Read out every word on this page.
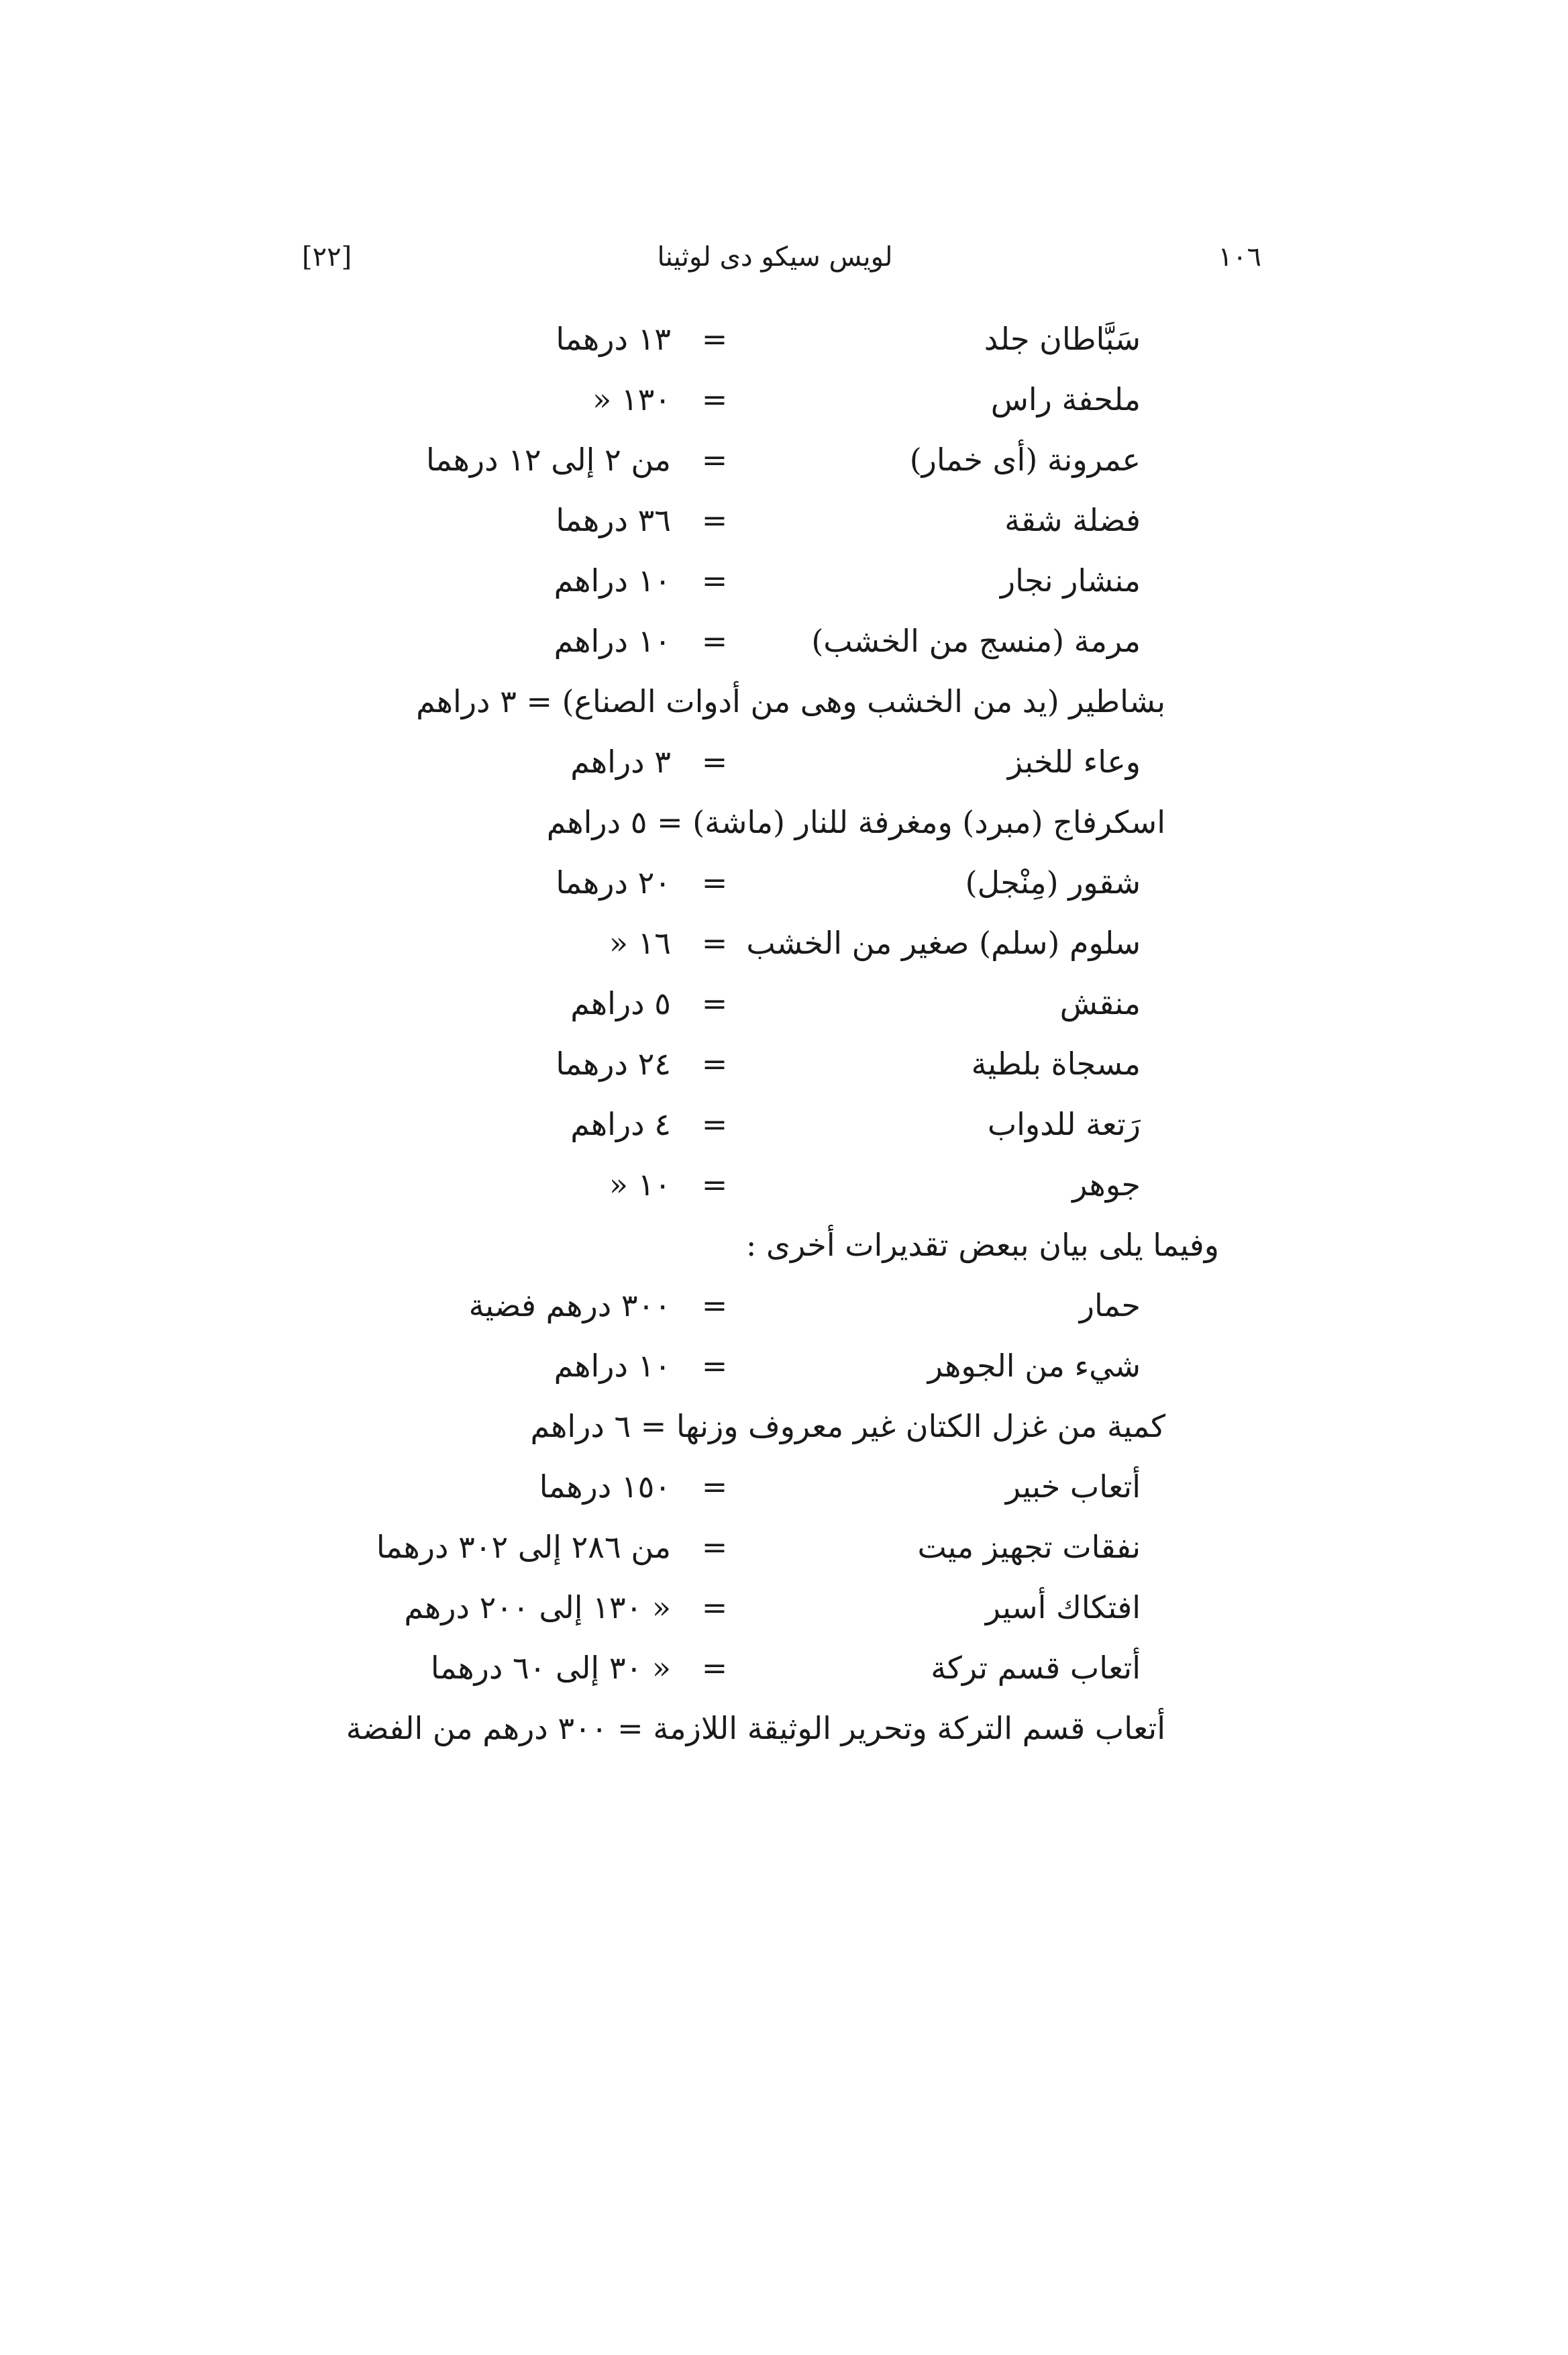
١٠٦
لويس سيكو دى لوثينا
[٢٢]
سَبَّاطان جلد
=
١٣ درهما
ملحفة راس
=
١٣٠ «
عمرونة (أى خمار)
=
من ٢ إلى ١٢ درهما
فضلة شقة
=
٣٦ درهما
منشار نجار
=
١٠ دراهم
مرمة (منسج من الخشب)
=
١٠ دراهم
بشاطير (يد من الخشب وهى من أدوات الصناع) = ٣ دراهم
وعاء للخبز
=
٣ دراهم
اسكرفاج (مبرد) ومغرفة للنار (ماشة) = ٥ دراهم
شقور (مِنْجل)
=
٢٠ درهما
سلوم (سلم) صغير من الخشب
=
١٦ «
منقش
=
٥ دراهم
مسجاة بلطية
=
٢٤ درهما
رَتعة للدواب
=
٤ دراهم
جوهر
=
١٠ «
وفيما يلى بيان ببعض تقديرات أخرى :
حمار
=
٣٠٠ درهم فضية
شيء من الجوهر
=
١٠ دراهم
كمية من غزل الكتان غير معروف وزنها = ٦ دراهم
أتعاب خبير
=
١٥٠ درهما
نفقات تجهيز ميت
=
من ٢٨٦ إلى ٣٠٢ درهما
افتكاك أسير
=
« ١٣٠ إلى ٢٠٠ درهم
أتعاب قسم تركة
=
« ٣٠ إلى ٦٠ درهما
أتعاب قسم التركة وتحرير الوثيقة اللازمة = ٣٠٠ درهم من الفضة
